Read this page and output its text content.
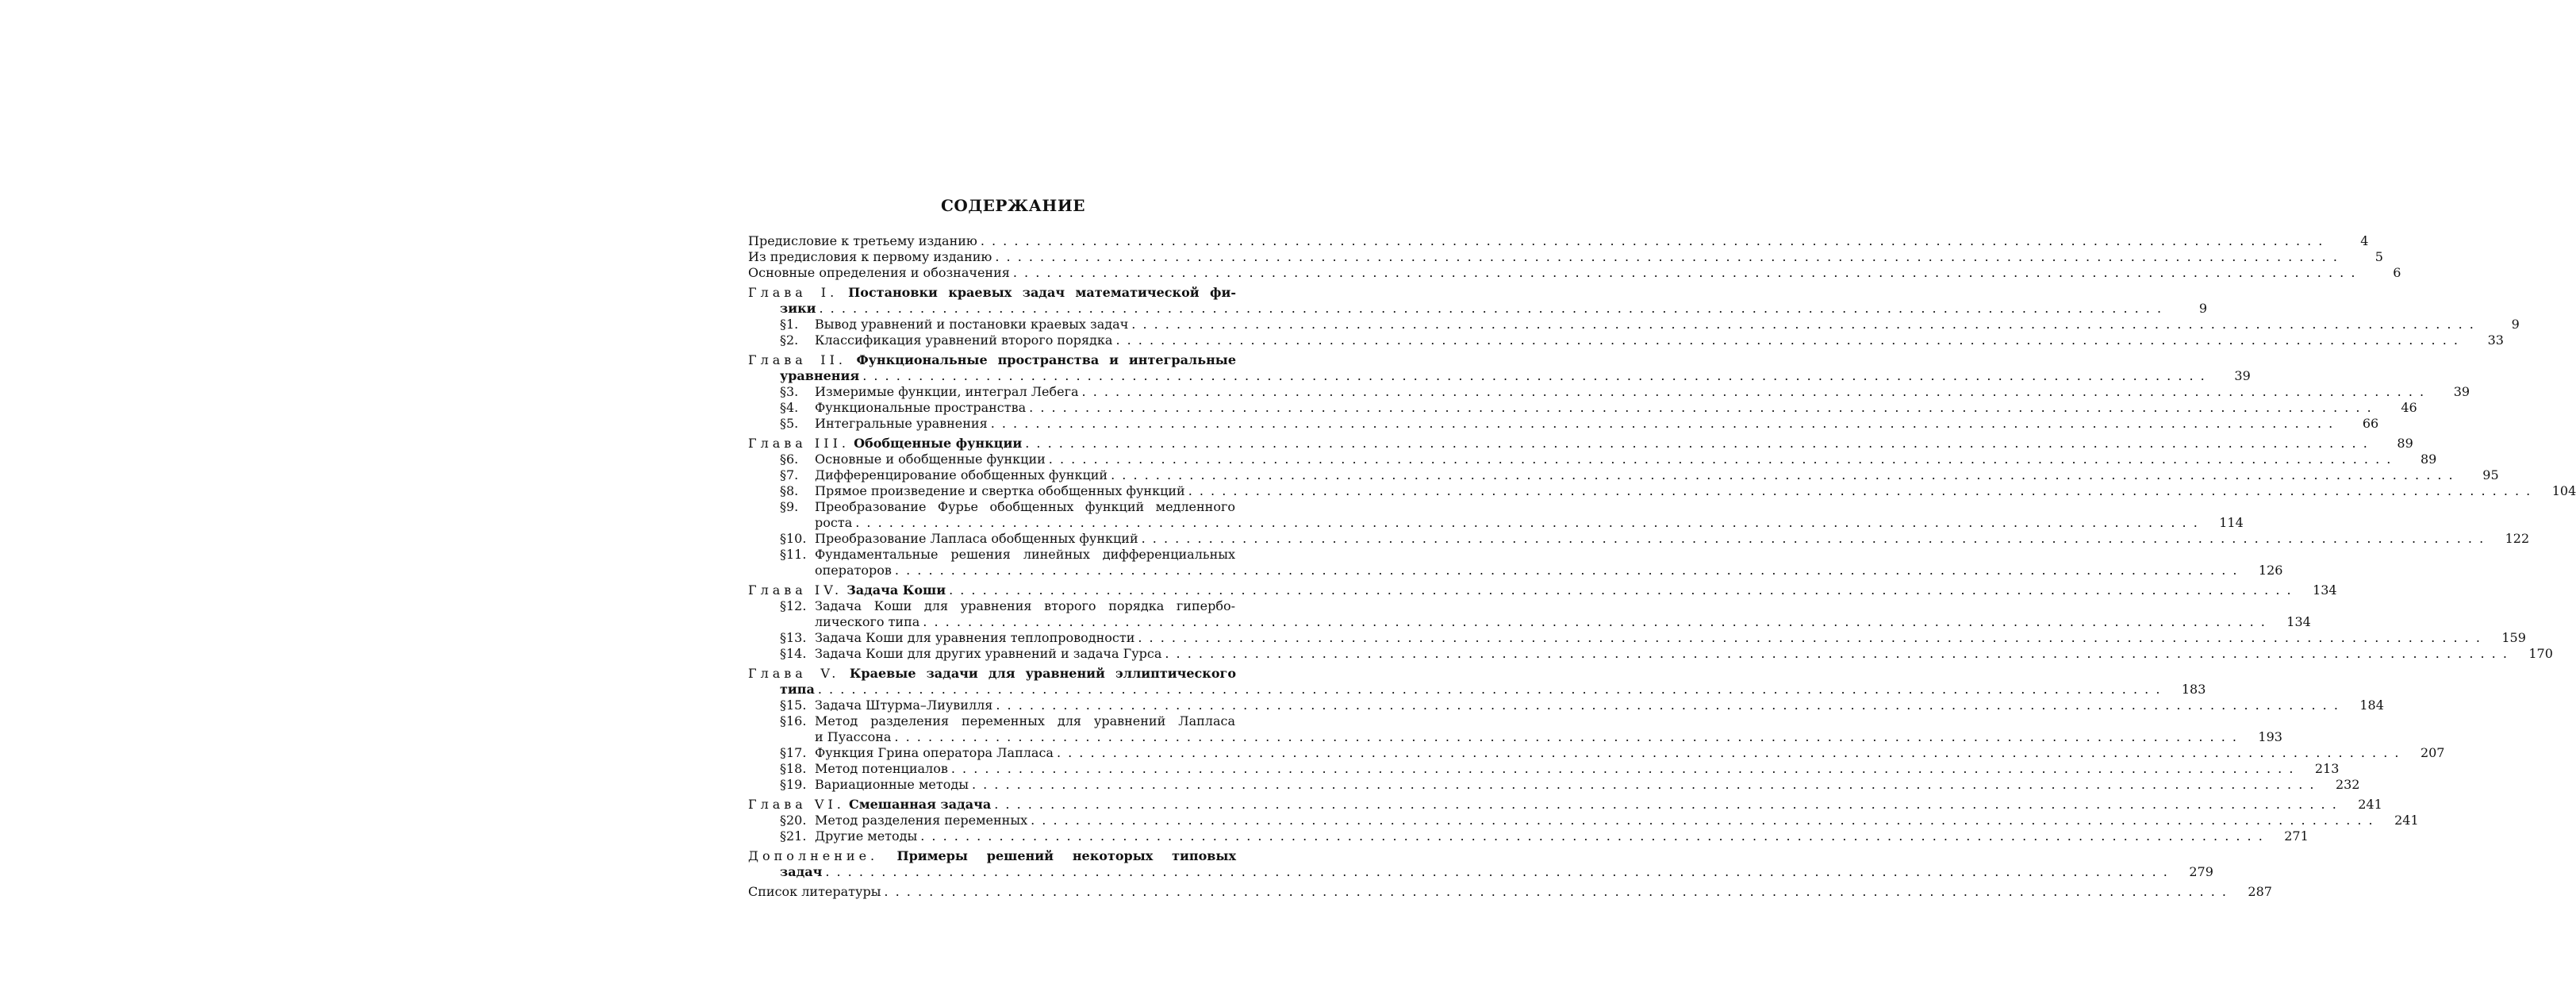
СОДЕРЖАНИЕ
Предисловие к третьему изданию . . . . . . . . . . . . . . . . . . . . . . . . . . . . . . . . . . . . . . . . . . . . . . . . . . . . . . . . . . . . . . . . . . . . . . . . . . . . . . . . . . . . . . . . . . . . . . . . . . . . . . . . . . . . . . . . . . . . . . . .	4
Из предисловия к первому изданию . . . . . . . . . . . . . . . . . . . . . . . . . . . . . . . . . . . . . . . . . . . . . . . . . . . . . . . . . . . . . . . . . . . . . . . . . . . . . . . . . . . . . . . . . . . . . . . . . . . . . . . . . . . . . . . . . . . . . . . .	5
Основные определения и обозначения . . . . . . . . . . . . . . . . . . . . . . . . . . . . . . . . . . . . . . . . . . . . . . . . . . . . . . . . . . . . . . . . . . . . . . . . . . . . . . . . . . . . . . . . . . . . . . . . . . . . . . . . . . . . . . . . . . . . . . . .	6
Глава I. Постановки краевых задач математической фи-
зики . . . . . . . . . . . . . . . . . . . . . . . . . . . . . . . . . . . . . . . . . . . . . . . . . . . . . . . . . . . . . . . . . . . . . . . . . . . . . . . . . . . . . . . . . . . . . . . . . . . . . . . . . . . . . . . . . . . . . . . .	9
§1.	Вывод уравнений и постановки краевых задач . . . . . . . . . . . . . . . . . . . . . . . . . . . . . . . . . . . . . . . . . . . . . . . . . . . . . . . . . . . . . . . . . . . . . . . . . . . . . . . . . . . . . . . . . . . . . . . . . . . . . . . . . . . . . . . . . . . . . . . .	9
§2.	Классификация уравнений второго порядка . . . . . . . . . . . . . . . . . . . . . . . . . . . . . . . . . . . . . . . . . . . . . . . . . . . . . . . . . . . . . . . . . . . . . . . . . . . . . . . . . . . . . . . . . . . . . . . . . . . . . . . . . . . . . . . . . . . . . . . .	33
Глава II. Функциональные пространства и интегральные
уравнения . . . . . . . . . . . . . . . . . . . . . . . . . . . . . . . . . . . . . . . . . . . . . . . . . . . . . . . . . . . . . . . . . . . . . . . . . . . . . . . . . . . . . . . . . . . . . . . . . . . . . . . . . . . . . . . . . . . . . . . .	39
§3.	Измеримые функции, интеграл Лебега . . . . . . . . . . . . . . . . . . . . . . . . . . . . . . . . . . . . . . . . . . . . . . . . . . . . . . . . . . . . . . . . . . . . . . . . . . . . . . . . . . . . . . . . . . . . . . . . . . . . . . . . . . . . . . . . . . . . . . . .	39
§4.	Функциональные пространства . . . . . . . . . . . . . . . . . . . . . . . . . . . . . . . . . . . . . . . . . . . . . . . . . . . . . . . . . . . . . . . . . . . . . . . . . . . . . . . . . . . . . . . . . . . . . . . . . . . . . . . . . . . . . . . . . . . . . . . .	46
§5.	Интегральные уравнения . . . . . . . . . . . . . . . . . . . . . . . . . . . . . . . . . . . . . . . . . . . . . . . . . . . . . . . . . . . . . . . . . . . . . . . . . . . . . . . . . . . . . . . . . . . . . . . . . . . . . . . . . . . . . . . . . . . . . . . .	66
Глава III. Обобщенные функции . . . . . . . . . . . . . . . . . . . . . . . . . . . . . . . . . . . . . . . . . . . . . . . . . . . . . . . . . . . . . . . . . . . . . . . . . . . . . . . . . . . . . . . . . . . . . . . . . . . . . . . . . . . . . . . . . . . . . . . .	89
§6.	Основные и обобщенные функции . . . . . . . . . . . . . . . . . . . . . . . . . . . . . . . . . . . . . . . . . . . . . . . . . . . . . . . . . . . . . . . . . . . . . . . . . . . . . . . . . . . . . . . . . . . . . . . . . . . . . . . . . . . . . . . . . . . . . . . .	89
§7.	Дифференцирование обобщенных функций . . . . . . . . . . . . . . . . . . . . . . . . . . . . . . . . . . . . . . . . . . . . . . . . . . . . . . . . . . . . . . . . . . . . . . . . . . . . . . . . . . . . . . . . . . . . . . . . . . . . . . . . . . . . . . . . . . . . . . . .	95
§8.	Прямое произведение и свертка обобщенных функций . . . . . . . . . . . . . . . . . . . . . . . . . . . . . . . . . . . . . . . . . . . . . . . . . . . . . . . . . . . . . . . . . . . . . . . . . . . . . . . . . . . . . . . . . . . . . . . . . . . . . . . . . . . . . . . . . . . . . . . .	104
§9.	Преобразование Фурье обобщенных функций медленного
роста . . . . . . . . . . . . . . . . . . . . . . . . . . . . . . . . . . . . . . . . . . . . . . . . . . . . . . . . . . . . . . . . . . . . . . . . . . . . . . . . . . . . . . . . . . . . . . . . . . . . . . . . . . . . . . . . . . . . . . . .	114
§10. Преобразование Лапласа обобщенных функций . . . . . . . . . . . . . . . . . . . . . . . . . . . . . . . . . . . . . . . . . . . . . . . . . . . . . . . . . . . . . . . . . . . . . . . . . . . . . . . . . . . . . . . . . . . . . . . . . . . . . . . . . . . . . . . . . . . . . . . .	122
§11. Фундаментальные решения линейных дифференциальных
операторов . . . . . . . . . . . . . . . . . . . . . . . . . . . . . . . . . . . . . . . . . . . . . . . . . . . . . . . . . . . . . . . . . . . . . . . . . . . . . . . . . . . . . . . . . . . . . . . . . . . . . . . . . . . . . . . . . . . . . . . .	126
Глава IV. Задача Коши . . . . . . . . . . . . . . . . . . . . . . . . . . . . . . . . . . . . . . . . . . . . . . . . . . . . . . . . . . . . . . . . . . . . . . . . . . . . . . . . . . . . . . . . . . . . . . . . . . . . . . . . . . . . . . . . . . . . . . . .	134
§12. Задача Коши для уравнения второго порядка гипербо-
лического типа . . . . . . . . . . . . . . . . . . . . . . . . . . . . . . . . . . . . . . . . . . . . . . . . . . . . . . . . . . . . . . . . . . . . . . . . . . . . . . . . . . . . . . . . . . . . . . . . . . . . . . . . . . . . . . . . . . . . . . . .	134
§13. Задача Коши для уравнения теплопроводности . . . . . . . . . . . . . . . . . . . . . . . . . . . . . . . . . . . . . . . . . . . . . . . . . . . . . . . . . . . . . . . . . . . . . . . . . . . . . . . . . . . . . . . . . . . . . . . . . . . . . . . . . . . . . . . . . . . . . . . .	159
§14. Задача Коши для других уравнений и задача Гурса . . . . . . . . . . . . . . . . . . . . . . . . . . . . . . . . . . . . . . . . . . . . . . . . . . . . . . . . . . . . . . . . . . . . . . . . . . . . . . . . . . . . . . . . . . . . . . . . . . . . . . . . . . . . . . . . . . . . . . . .	170
Глава V. Краевые задачи для уравнений эллиптического
типа . . . . . . . . . . . . . . . . . . . . . . . . . . . . . . . . . . . . . . . . . . . . . . . . . . . . . . . . . . . . . . . . . . . . . . . . . . . . . . . . . . . . . . . . . . . . . . . . . . . . . . . . . . . . . . . . . . . . . . . .	183
§15. Задача Штурма–Лиувилля . . . . . . . . . . . . . . . . . . . . . . . . . . . . . . . . . . . . . . . . . . . . . . . . . . . . . . . . . . . . . . . . . . . . . . . . . . . . . . . . . . . . . . . . . . . . . . . . . . . . . . . . . . . . . . . . . . . . . . . .	184
§16. Метод разделения переменных для уравнений Лапласа
и Пуассона . . . . . . . . . . . . . . . . . . . . . . . . . . . . . . . . . . . . . . . . . . . . . . . . . . . . . . . . . . . . . . . . . . . . . . . . . . . . . . . . . . . . . . . . . . . . . . . . . . . . . . . . . . . . . . . . . . . . . . . .	193
§17. Функция Грина оператора Лапласа . . . . . . . . . . . . . . . . . . . . . . . . . . . . . . . . . . . . . . . . . . . . . . . . . . . . . . . . . . . . . . . . . . . . . . . . . . . . . . . . . . . . . . . . . . . . . . . . . . . . . . . . . . . . . . . . . . . . . . . .	207
§18. Метод потенциалов . . . . . . . . . . . . . . . . . . . . . . . . . . . . . . . . . . . . . . . . . . . . . . . . . . . . . . . . . . . . . . . . . . . . . . . . . . . . . . . . . . . . . . . . . . . . . . . . . . . . . . . . . . . . . . . . . . . . . . . .	213
§19. Вариационные методы . . . . . . . . . . . . . . . . . . . . . . . . . . . . . . . . . . . . . . . . . . . . . . . . . . . . . . . . . . . . . . . . . . . . . . . . . . . . . . . . . . . . . . . . . . . . . . . . . . . . . . . . . . . . . . . . . . . . . . . .	232
Глава VI. Смешанная задача . . . . . . . . . . . . . . . . . . . . . . . . . . . . . . . . . . . . . . . . . . . . . . . . . . . . . . . . . . . . . . . . . . . . . . . . . . . . . . . . . . . . . . . . . . . . . . . . . . . . . . . . . . . . . . . . . . . . . . . .	241
§20. Метод разделения переменных . . . . . . . . . . . . . . . . . . . . . . . . . . . . . . . . . . . . . . . . . . . . . . . . . . . . . . . . . . . . . . . . . . . . . . . . . . . . . . . . . . . . . . . . . . . . . . . . . . . . . . . . . . . . . . . . . . . . . . . .	241
§21. Другие методы . . . . . . . . . . . . . . . . . . . . . . . . . . . . . . . . . . . . . . . . . . . . . . . . . . . . . . . . . . . . . . . . . . . . . . . . . . . . . . . . . . . . . . . . . . . . . . . . . . . . . . . . . . . . . . . . . . . . . . . .	271
Дополнение. Примеры решений некоторых типовых
задач . . . . . . . . . . . . . . . . . . . . . . . . . . . . . . . . . . . . . . . . . . . . . . . . . . . . . . . . . . . . . . . . . . . . . . . . . . . . . . . . . . . . . . . . . . . . . . . . . . . . . . . . . . . . . . . . . . . . . . . .	279
Список литературы . . . . . . . . . . . . . . . . . . . . . . . . . . . . . . . . . . . . . . . . . . . . . . . . . . . . . . . . . . . . . . . . . . . . . . . . . . . . . . . . . . . . . . . . . . . . . . . . . . . . . . . . . . . . . . . . . . . . . . . .	287
